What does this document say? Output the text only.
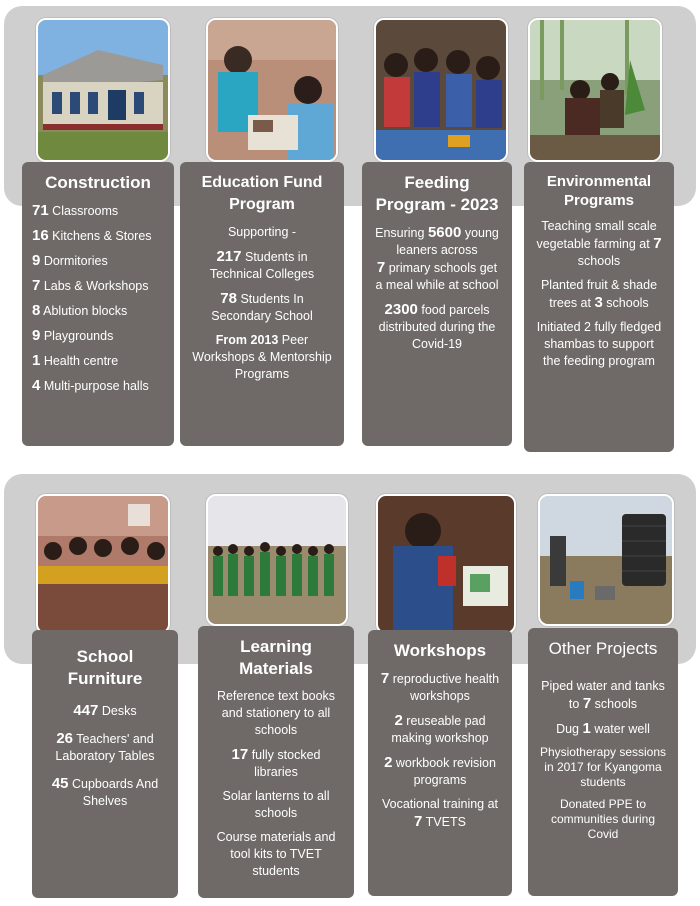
Construction
71 Classrooms
16 Kitchens & Stores
9 Dormitories
7 Labs & Workshops
8 Ablution blocks
9 Playgrounds
1 Health centre
4 Multi-purpose halls
Education Fund Program
Supporting -
217 Students in Technical Colleges
78 Students In Secondary School
From 2013 Peer Workshops & Mentorship Programs
Feeding Program - 2023
Ensuring 5600 young leaners across
7 primary schools get a meal while at school
2300 food parcels distributed during the Covid-19
Environmental Programs
Teaching small scale vegetable farming at 7 schools
Planted fruit & shade trees at 3 schools
Initiated 2 fully fledged shambas to support the feeding program
School Furniture
447 Desks
26 Teachers' and Laboratory Tables
45 Cupboards And Shelves
Learning Materials
Reference text books and stationery to all schools
17 fully stocked libraries
Solar lanterns to all schools
Course materials and tool kits to TVET students
Workshops
7 reproductive health workshops
2 reuseable pad making workshop
2 workbook revision programs
Vocational training at 7 TVETS
Other Projects
Piped water and tanks to 7 schools
Dug 1 water well
Physiotherapy sessions in 2017 for Kyangoma students
Donated PPE to communities during Covid
